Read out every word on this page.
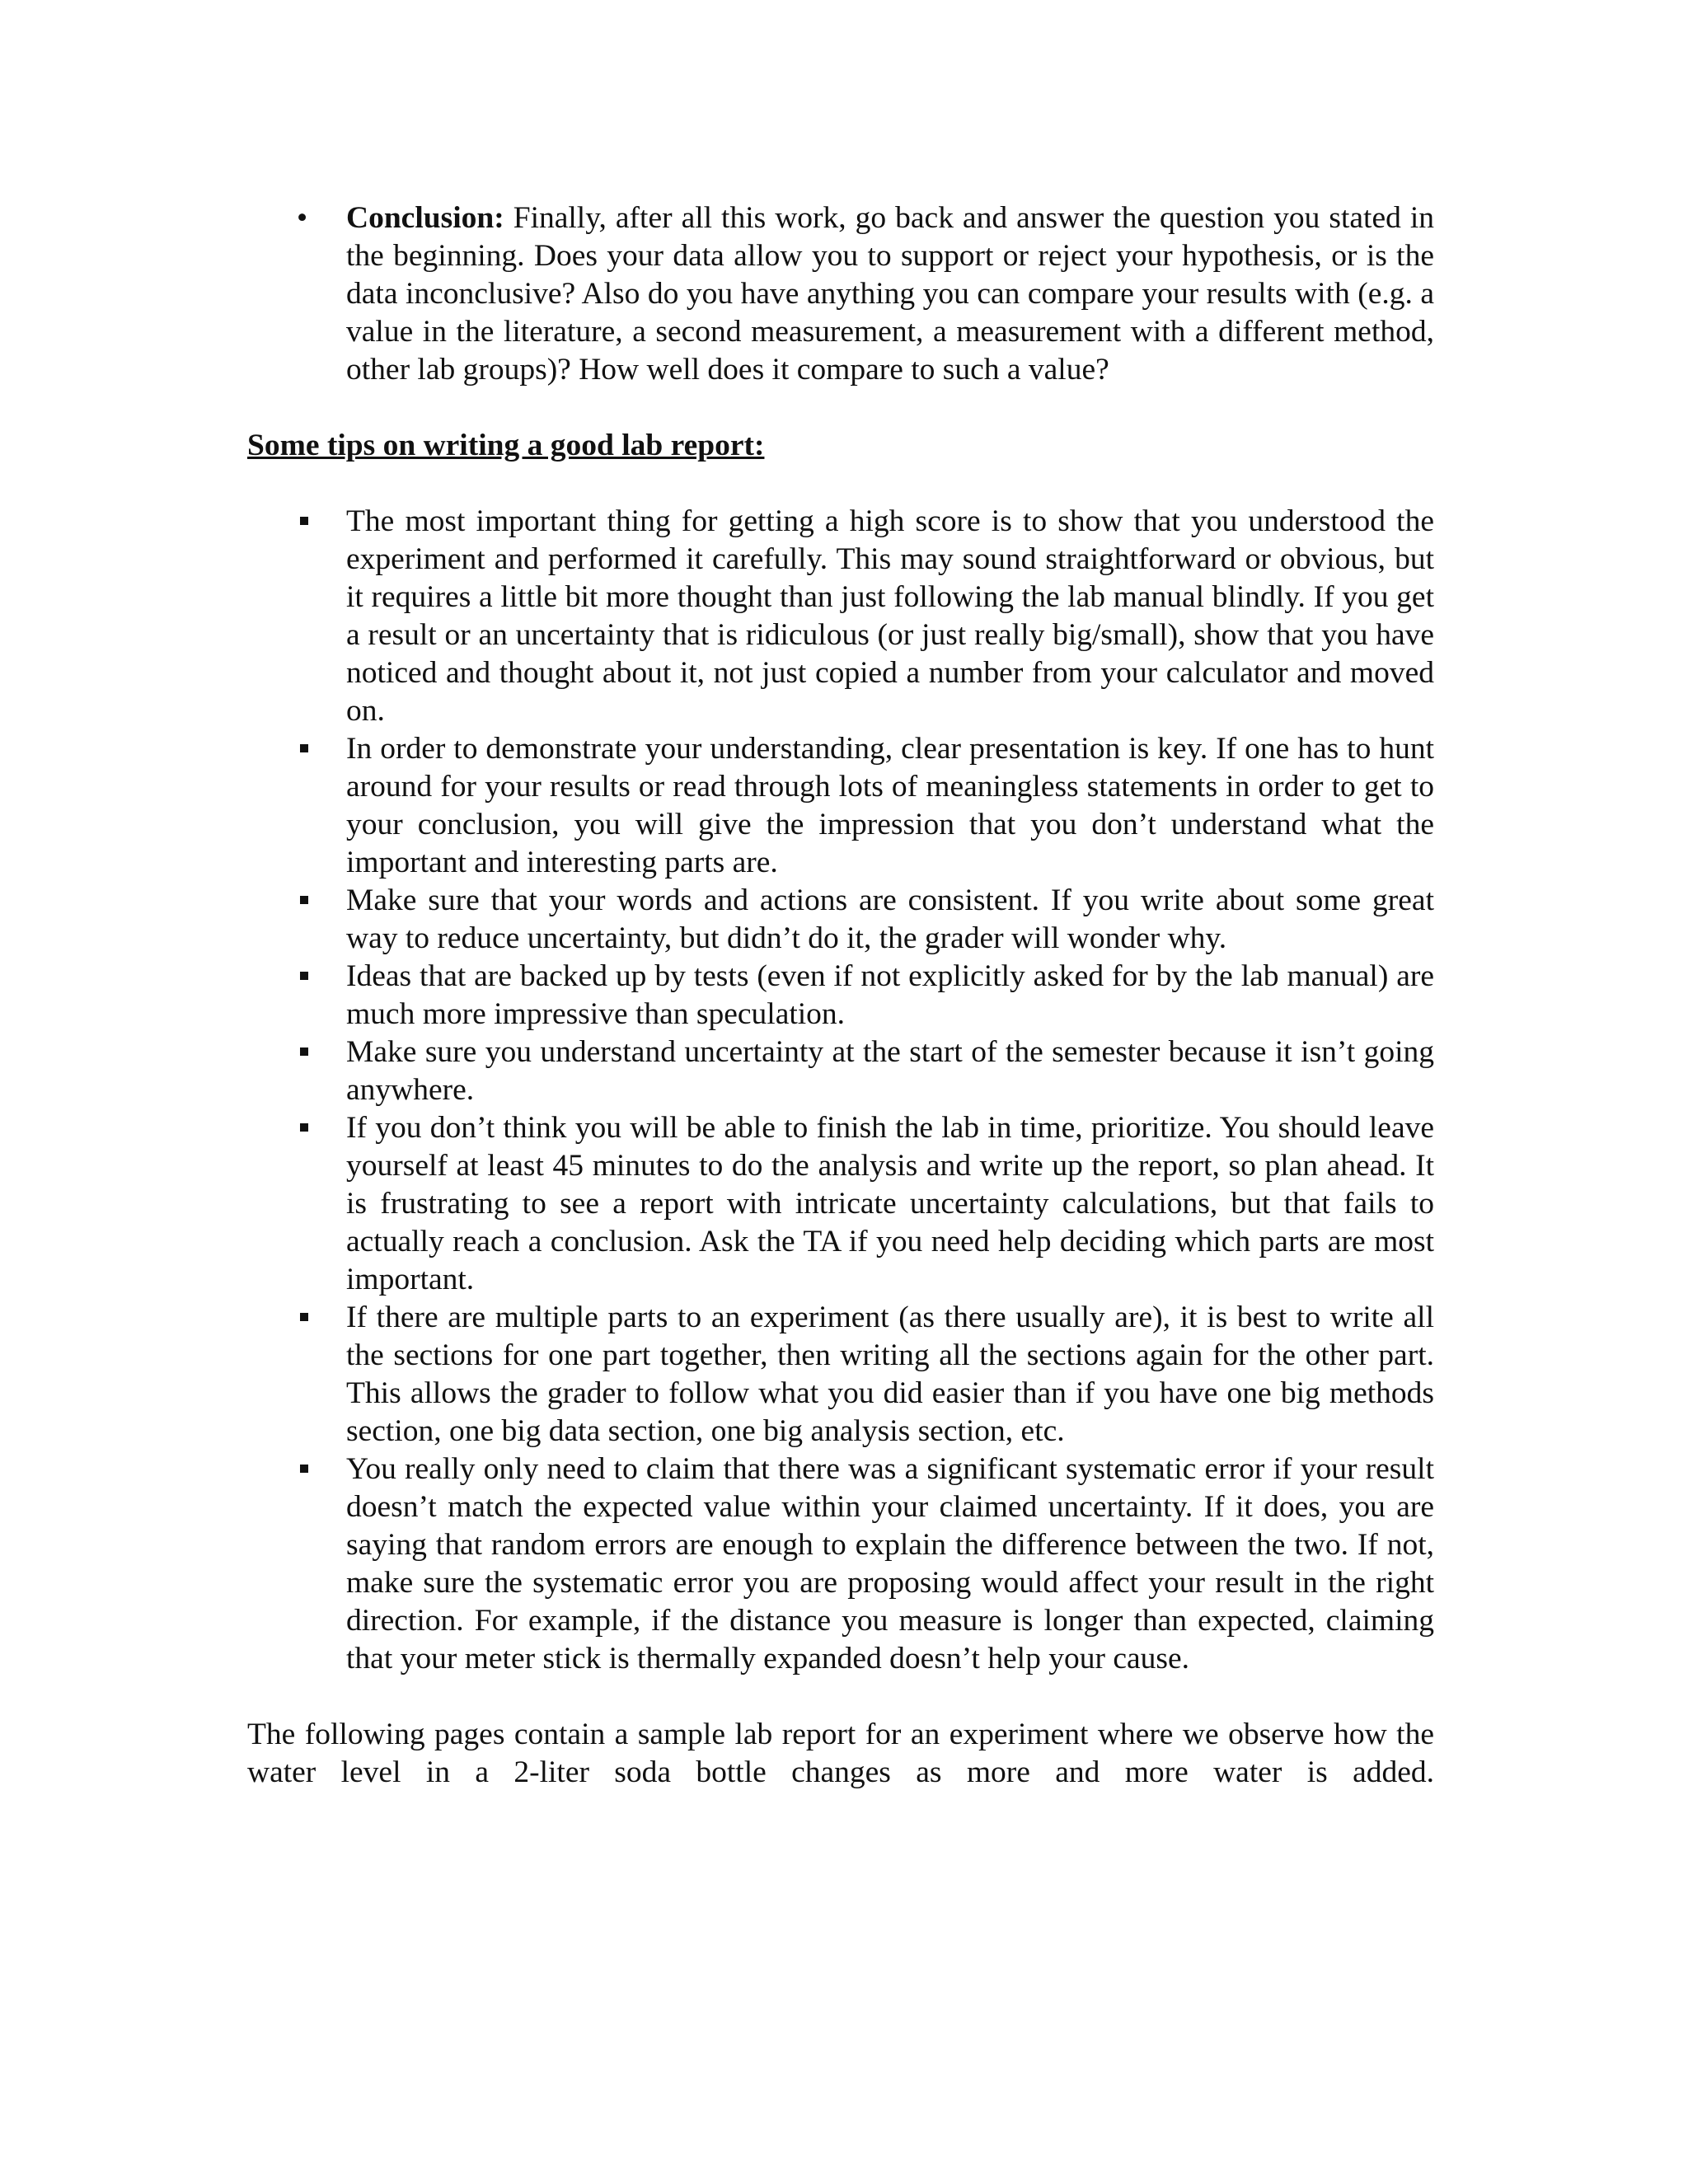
• Conclusion: Finally, after all this work, go back and answer the question you stated in the beginning. Does your data allow you to support or reject your hypothesis, or is the data inconclusive? Also do you have anything you can compare your results with (e.g. a value in the literature, a second measurement, a measurement with a different method, other lab groups)? How well does it compare to such a value?
Some tips on writing a good lab report:
The most important thing for getting a high score is to show that you understood the experiment and performed it carefully. This may sound straightforward or obvious, but it requires a little bit more thought than just following the lab manual blindly. If you get a result or an uncertainty that is ridiculous (or just really big/small), show that you have noticed and thought about it, not just copied a number from your calculator and moved on.
In order to demonstrate your understanding, clear presentation is key. If one has to hunt around for your results or read through lots of meaningless statements in order to get to your conclusion, you will give the impression that you don’t understand what the important and interesting parts are.
Make sure that your words and actions are consistent. If you write about some great way to reduce uncertainty, but didn’t do it, the grader will wonder why.
Ideas that are backed up by tests (even if not explicitly asked for by the lab manual) are much more impressive than speculation.
Make sure you understand uncertainty at the start of the semester because it isn’t going anywhere.
If you don’t think you will be able to finish the lab in time, prioritize. You should leave yourself at least 45 minutes to do the analysis and write up the report, so plan ahead. It is frustrating to see a report with intricate uncertainty calculations, but that fails to actually reach a conclusion. Ask the TA if you need help deciding which parts are most important.
If there are multiple parts to an experiment (as there usually are), it is best to write all the sections for one part together, then writing all the sections again for the other part. This allows the grader to follow what you did easier than if you have one big methods section, one big data section, one big analysis section, etc.
You really only need to claim that there was a significant systematic error if your result doesn’t match the expected value within your claimed uncertainty. If it does, you are saying that random errors are enough to explain the difference between the two. If not, make sure the systematic error you are proposing would affect your result in the right direction. For example, if the distance you measure is longer than expected, claiming that your meter stick is thermally expanded doesn’t help your cause.
The following pages contain a sample lab report for an experiment where we observe how the water level in a 2-liter soda bottle changes as more and more water is added.
